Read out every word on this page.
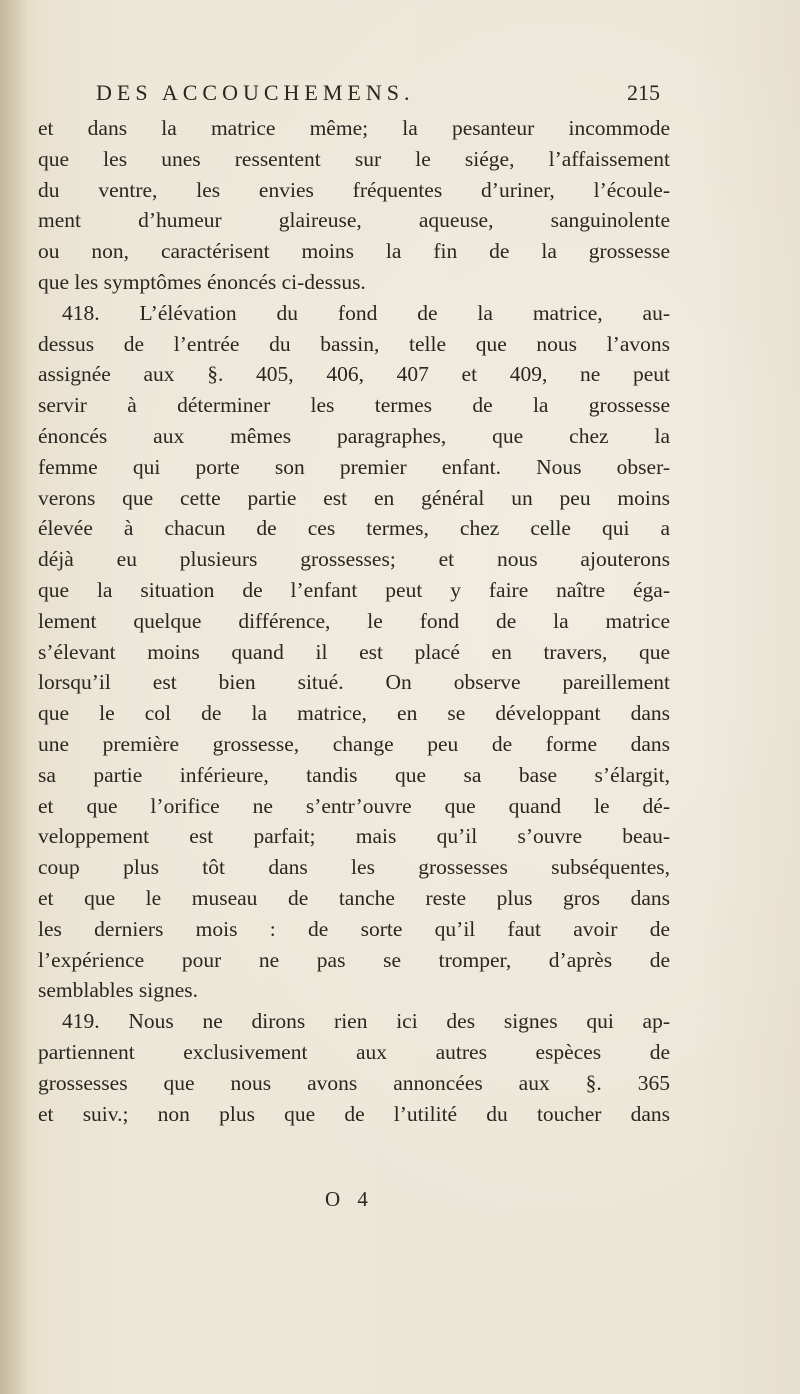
DES ACCOUCHEMENS.	215
et dans la matrice même; la pesanteur incommode
que les unes ressentent sur le siége, l’affaissement
du ventre, les envies fréquentes d’uriner, l’écoule-
ment d’humeur glaireuse, aqueuse, sanguinolente
ou non, caractérisent moins la fin de la grossesse
que les symptômes énoncés ci-dessus.
418. L’élévation du fond de la matrice, au-
dessus de l’entrée du bassin, telle que nous l’avons
assignée aux §. 405, 406, 407 et 409, ne peut
servir à déterminer les termes de la grossesse
énoncés aux mêmes paragraphes, que chez la
femme qui porte son premier enfant. Nous obser-
verons que cette partie est en général un peu moins
élevée à chacun de ces termes, chez celle qui a
déjà eu plusieurs grossesses; et nous ajouterons
que la situation de l’enfant peut y faire naître éga-
lement quelque différence, le fond de la matrice
s’élevant moins quand il est placé en travers, que
lorsqu’il est bien situé. On observe pareillement
que le col de la matrice, en se développant dans
une première grossesse, change peu de forme dans
sa partie inférieure, tandis que sa base s’élargit,
et que l’orifice ne s’entr’ouvre que quand le dé-
veloppement est parfait; mais qu’il s’ouvre beau-
coup plus tôt dans les grossesses subséquentes,
et que le museau de tanche reste plus gros dans
les derniers mois : de sorte qu’il faut avoir de
l’expérience pour ne pas se tromper, d’après de
semblables signes.
419. Nous ne dirons rien ici des signes qui ap-
partiennent exclusivement aux autres espèces de
grossesses que nous avons annoncées aux §. 365
et suiv.; non plus que de l’utilité du toucher dans
O 4
